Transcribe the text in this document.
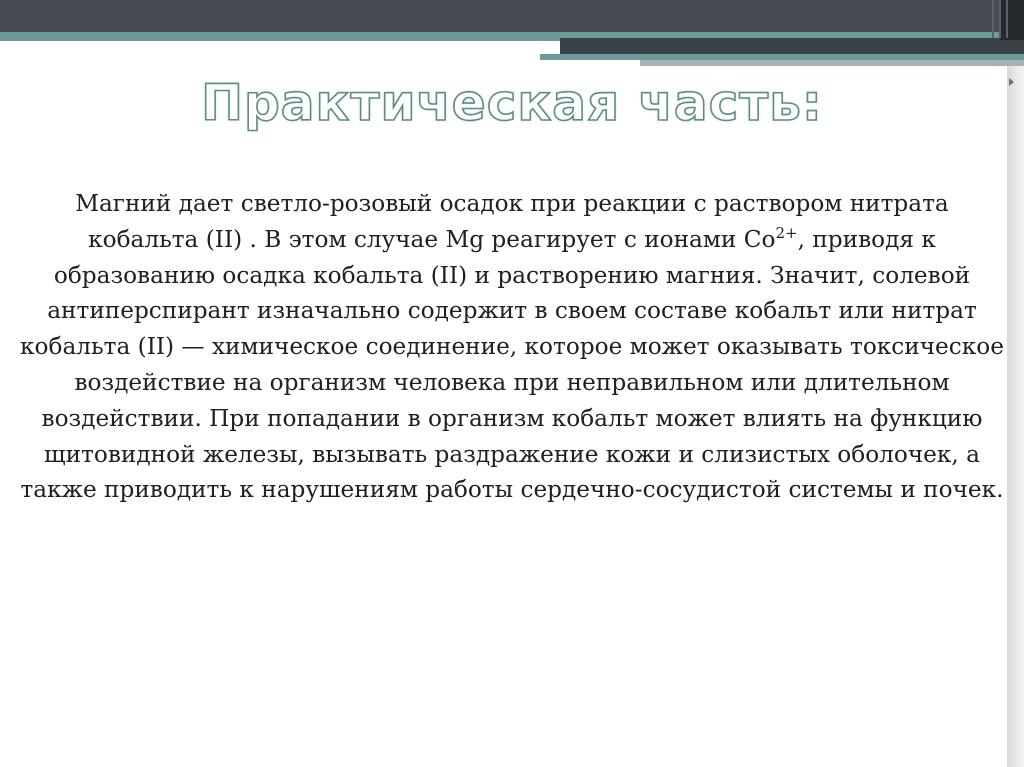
Практическая часть:

Магний дает светло-розовый осадок при реакции с раствором нитрата кобальта (II) . В этом случае Mg реагирует с ионами $Co^{2+}$, приводя к образованию осадка кобальта (II) и растворению магния. Значит, солевой антиперспирант изначально содержит в своем составе кобальт или нитрат кобальта (II) — химическое соединение, которое может оказывать токсическое воздействие на организм человека при неправильном или длительном воздействии. При попадании в организм кобальт может влиять на функцию щитовидной железы, вызывать раздражение кожи и слизистых оболочек, а также приводить к нарушениям работы сердечно-сосудистой системы и почек.
